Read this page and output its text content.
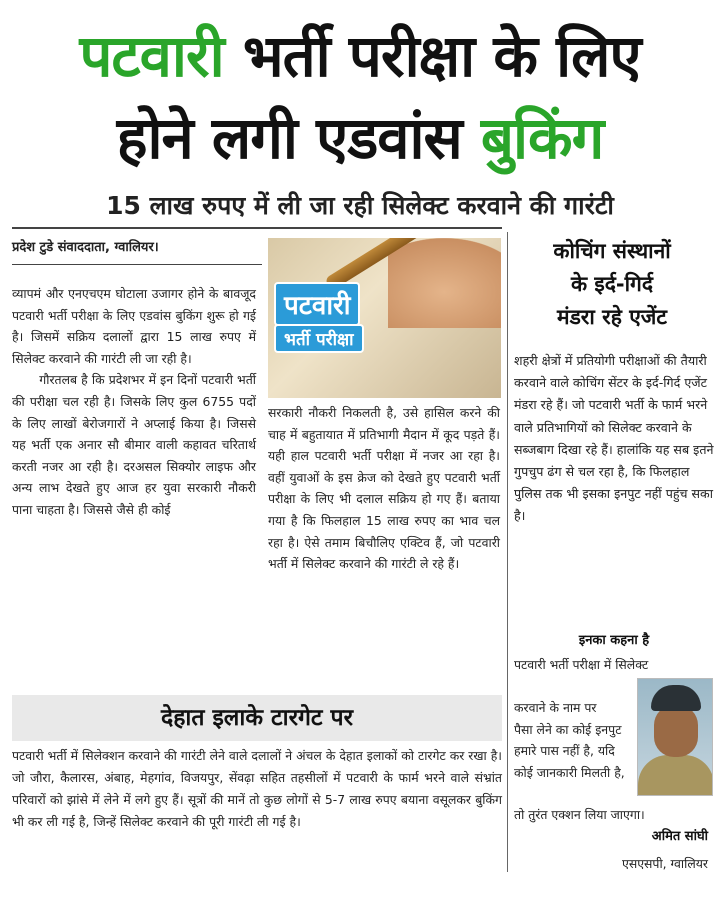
पटवारी भर्ती परीक्षा के लिए
होने लगी एडवांस बुकिंग
15 लाख रुपए में ली जा रही सिलेक्ट करवाने की गारंटी
प्रदेश टुडे संवाददाता, ग्वालियर।

व्यापमं और एनएचएम घोटाला उजागर होने के बावजूद पटवारी भर्ती परीक्षा के लिए एडवांस बुकिंग शुरू हो गई है। जिसमें सक्रिय दलालों द्वारा 15 लाख रुपए में सिलेक्ट करवाने की गारंटी ली जा रही है।

गौरतलब है कि प्रदेशभर में इन दिनों पटवारी भर्ती की परीक्षा चल रही है। जिसके लिए कुल 6755 पदों के लिए लाखों बेरोजगारों ने अप्लाई किया है। जिससे यह भर्ती एक अनार सौ बीमार वाली कहावत चरितार्थ करती नजर आ रही है। दरअसल सिक्योर लाइफ और अन्य लाभ देखते हुए आज हर युवा सरकारी नौकरी पाना चाहता है। जिससे जैसे ही कोई

पटवारी
भर्ती परीक्षा
सरकारी नौकरी निकलती है, उसे हासिल करने की चाह में बहुतायात में प्रतिभागी मैदान में कूद पड़ते हैं। यही हाल पटवारी भर्ती परीक्षा में नजर आ रहा है। वहीं युवाओं के इस क्रेज को देखते हुए पटवारी भर्ती परीक्षा के लिए भी दलाल सक्रिय हो गए हैं। बताया गया है कि फिलहाल 15 लाख रुपए का भाव चल रहा है। ऐसे तमाम बिचौलिए एक्टिव हैं, जो पटवारी भर्ती में सिलेक्ट करवाने की गारंटी ले रहे हैं।
कोचिंग संस्थानों
के इर्द-गिर्द
मंडरा रहे एजेंट
शहरी क्षेत्रों में प्रतियोगी परीक्षाओं की तैयारी करवाने वाले कोचिंग सेंटर के इर्द-गिर्द एजेंट मंडरा रहे हैं। जो पटवारी भर्ती के फार्म भरने वाले प्रतिभागियों को सिलेक्ट करवाने के सब्जबाग दिखा रहे हैं। हालांकि यह सब इतने गुपचुप ढंग से चल रहा है, कि फिलहाल पुलिस तक भी इसका इनपुट नहीं पहुंच सका है।
इनका कहना है
पटवारी भर्ती परीक्षा में सिलेक्ट
करवाने के नाम पर
पैसा लेने का कोई इनपुट हमारे पास नहीं है, यदि कोई जानकारी मिलती है,
तो तुरंत एक्शन लिया जाएगा।
अमित सांघी
एसएसपी, ग्वालियर
देहात इलाके टारगेट पर
पटवारी भर्ती में सिलेक्शन करवाने की गारंटी लेने वाले दलालों ने अंचल के देहात इलाकों को टारगेट कर रखा है। जो जौरा, कैलारस, अंबाह, मेहगांव, विजयपुर, सेंवढ़ा सहित तहसीलों में पटवारी के फार्म भरने वाले संभ्रांत परिवारों को झांसे में लेने में लगे हुए हैं। सूत्रों की मानें तो कुछ लोगों से 5-7 लाख रुपए बयाना वसूलकर बुकिंग भी कर ली गई है, जिन्हें सिलेक्ट करवाने की पूरी गारंटी ली गई है।
